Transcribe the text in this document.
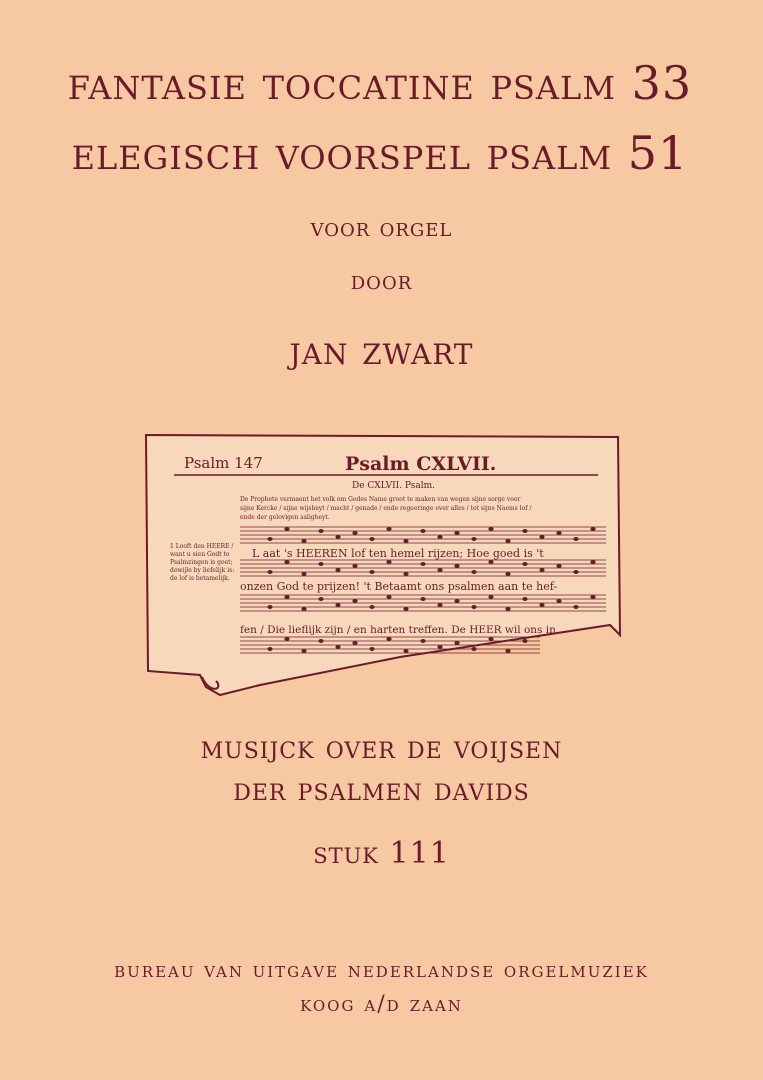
fantasie toccatine psalm 33
elegisch voorspel psalm 51
voor orgel
door
jan zwart
Psalm 147	Psalm CXLVII.
De CXLVII. Psalm.
De Prophete vermaent het volk om Godes Name groot te maken van wegen sijne sorge voor
sijne Kercke / sijne wijsheyt / macht / genade / ende regeeringe over alles / tot sijns Naems lof /
ende der gelovigen saligheyt.
1 Looft den HEERE / want u sien Godt te Psalmzingen is goet; dewijle by liefelijk is: de lof is betamelijk.
L aat 's HEEREN lof ten hemel rijzen; Hoe goed is 't
onzen God te prijzen! 't Betaamt ons psalmen aan te hef-
fen / Die lieflijk zijn / en harten treffen. De HEER wil ons in
musijck over de voijsen
der psalmen davids
stuk 111
bureau van uitgave nederlandse orgelmuziek
koog a/d zaan
